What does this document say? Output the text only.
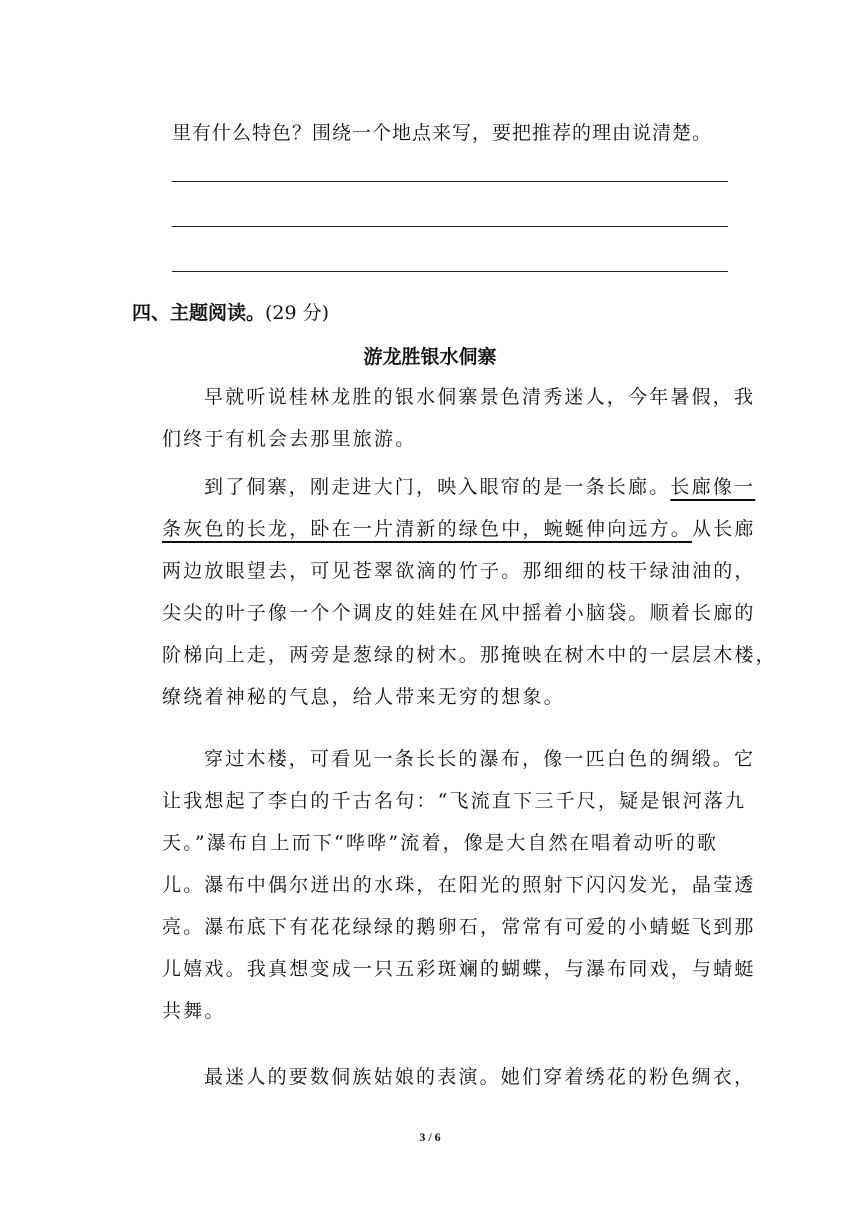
里有什么特色？围绕一个地点来写，要把推荐的理由说清楚。
四、主题阅读。(29 分)
游龙胜银水侗寨
早就听说桂林龙胜的银水侗寨景色清秀迷人，今年暑假，我
们终于有机会去那里旅游。
到了侗寨，刚走进大门，映入眼帘的是一条长廊。长廊像一
条灰色的长龙，卧在一片清新的绿色中，蜿蜒伸向远方。从长廊
两边放眼望去，可见苍翠欲滴的竹子。那细细的枝干绿油油的，
尖尖的叶子像一个个调皮的娃娃在风中摇着小脑袋。顺着长廊的
阶梯向上走，两旁是葱绿的树木。那掩映在树木中的一层层木楼，
缭绕着神秘的气息，给人带来无穷的想象。
穿过木楼，可看见一条长长的瀑布，像一匹白色的绸缎。它
让我想起了李白的千古名句：“飞流直下三千尺，疑是银河落九
天。”瀑布自上而下“哗哗”流着，像是大自然在唱着动听的歌
儿。瀑布中偶尔迸出的水珠，在阳光的照射下闪闪发光，晶莹透
亮。瀑布底下有花花绿绿的鹅卵石，常常有可爱的小蜻蜓飞到那
儿嬉戏。我真想变成一只五彩斑斓的蝴蝶，与瀑布同戏，与蜻蜓
共舞。
最迷人的要数侗族姑娘的表演。她们穿着绣花的粉色绸衣，
3 / 6
